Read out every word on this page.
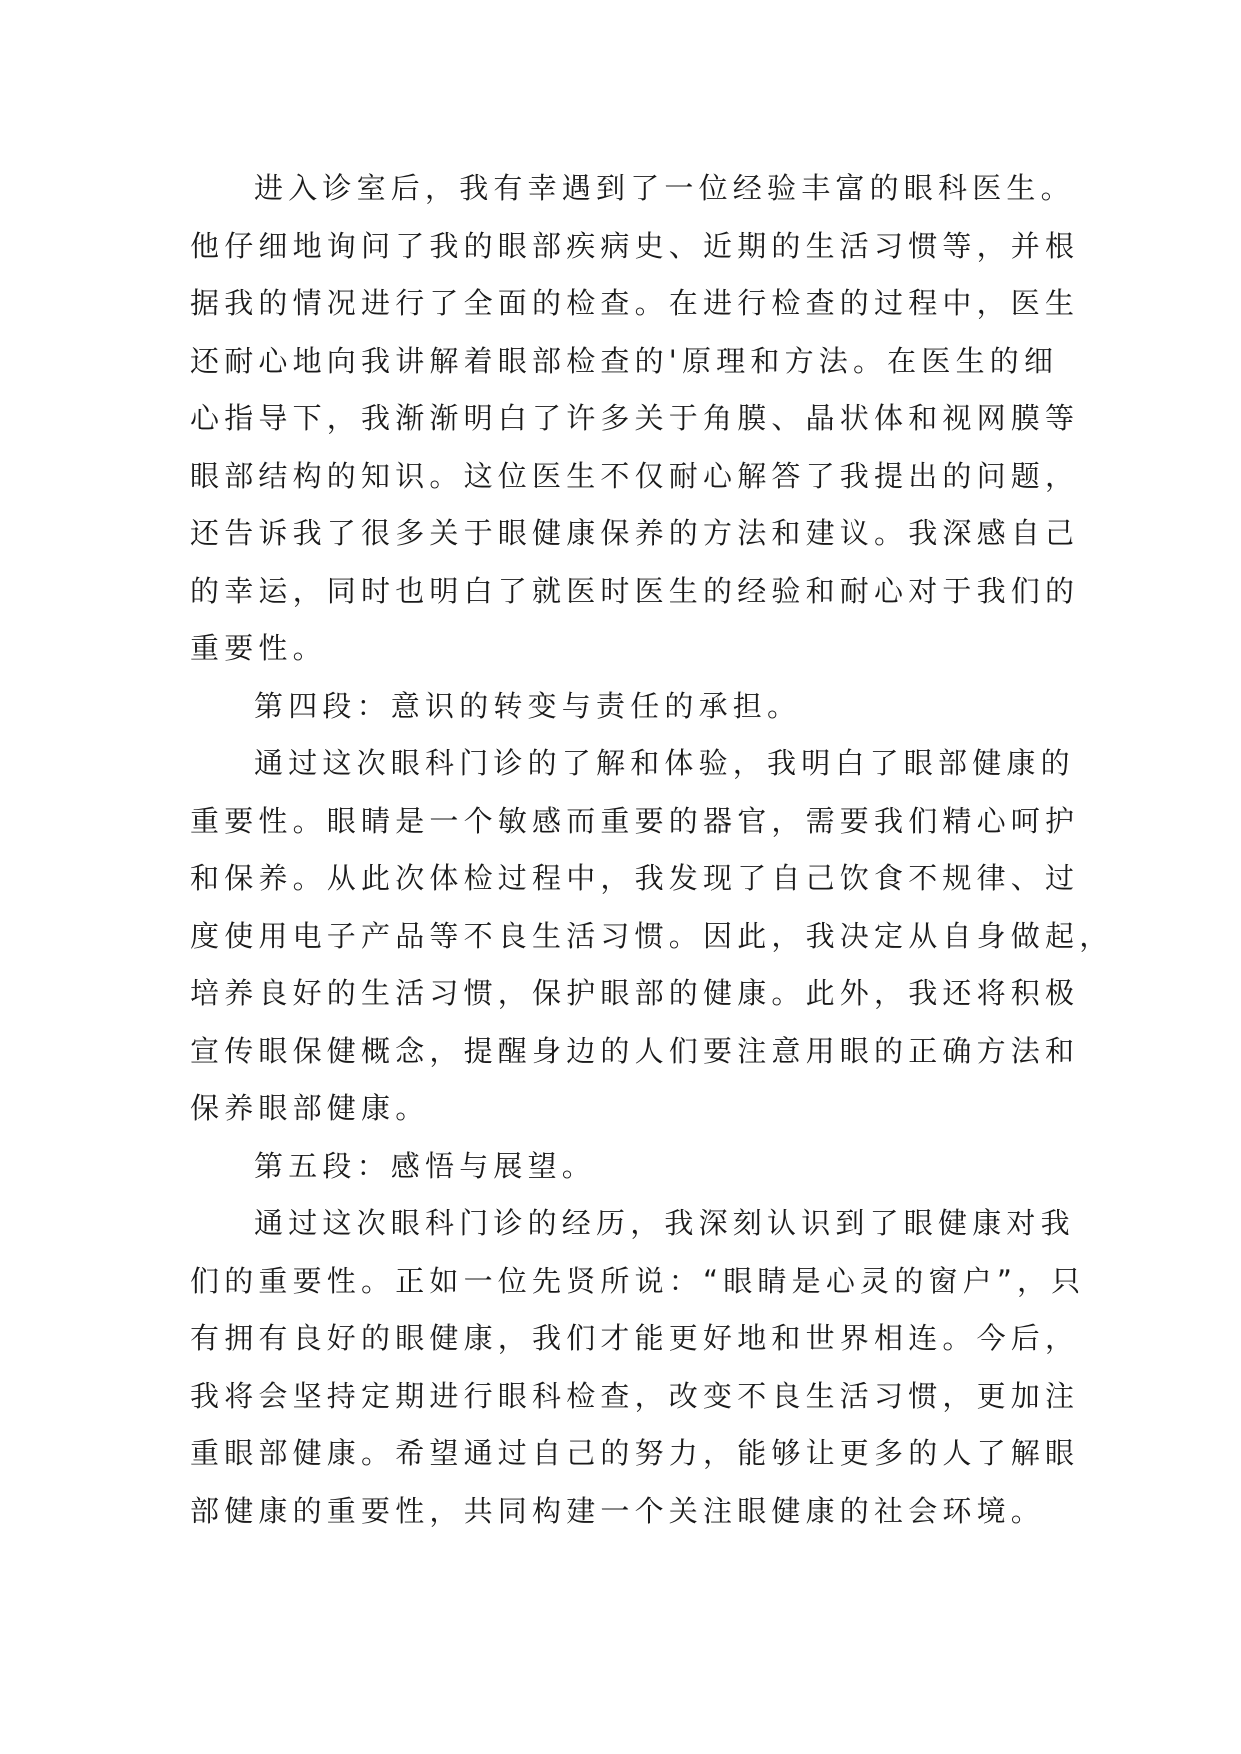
进入诊室后，我有幸遇到了一位经验丰富的眼科医生。
他仔细地询问了我的眼部疾病史、近期的生活习惯等，并根
据我的情况进行了全面的检查。在进行检查的过程中，医生
还耐心地向我讲解着眼部检查的'原理和方法。在医生的细
心指导下，我渐渐明白了许多关于角膜、晶状体和视网膜等
眼部结构的知识。这位医生不仅耐心解答了我提出的问题，
还告诉我了很多关于眼健康保养的方法和建议。我深感自己
的幸运，同时也明白了就医时医生的经验和耐心对于我们的
重要性。
第四段：意识的转变与责任的承担。
通过这次眼科门诊的了解和体验，我明白了眼部健康的
重要性。眼睛是一个敏感而重要的器官，需要我们精心呵护
和保养。从此次体检过程中，我发现了自己饮食不规律、过
度使用电子产品等不良生活习惯。因此，我决定从自身做起，
培养良好的生活习惯，保护眼部的健康。此外，我还将积极
宣传眼保健概念，提醒身边的人们要注意用眼的正确方法和
保养眼部健康。
第五段：感悟与展望。
通过这次眼科门诊的经历，我深刻认识到了眼健康对我
们的重要性。正如一位先贤所说：“眼睛是心灵的窗户”，只
有拥有良好的眼健康，我们才能更好地和世界相连。今后，
我将会坚持定期进行眼科检查，改变不良生活习惯，更加注
重眼部健康。希望通过自己的努力，能够让更多的人了解眼
部健康的重要性，共同构建一个关注眼健康的社会环境。
